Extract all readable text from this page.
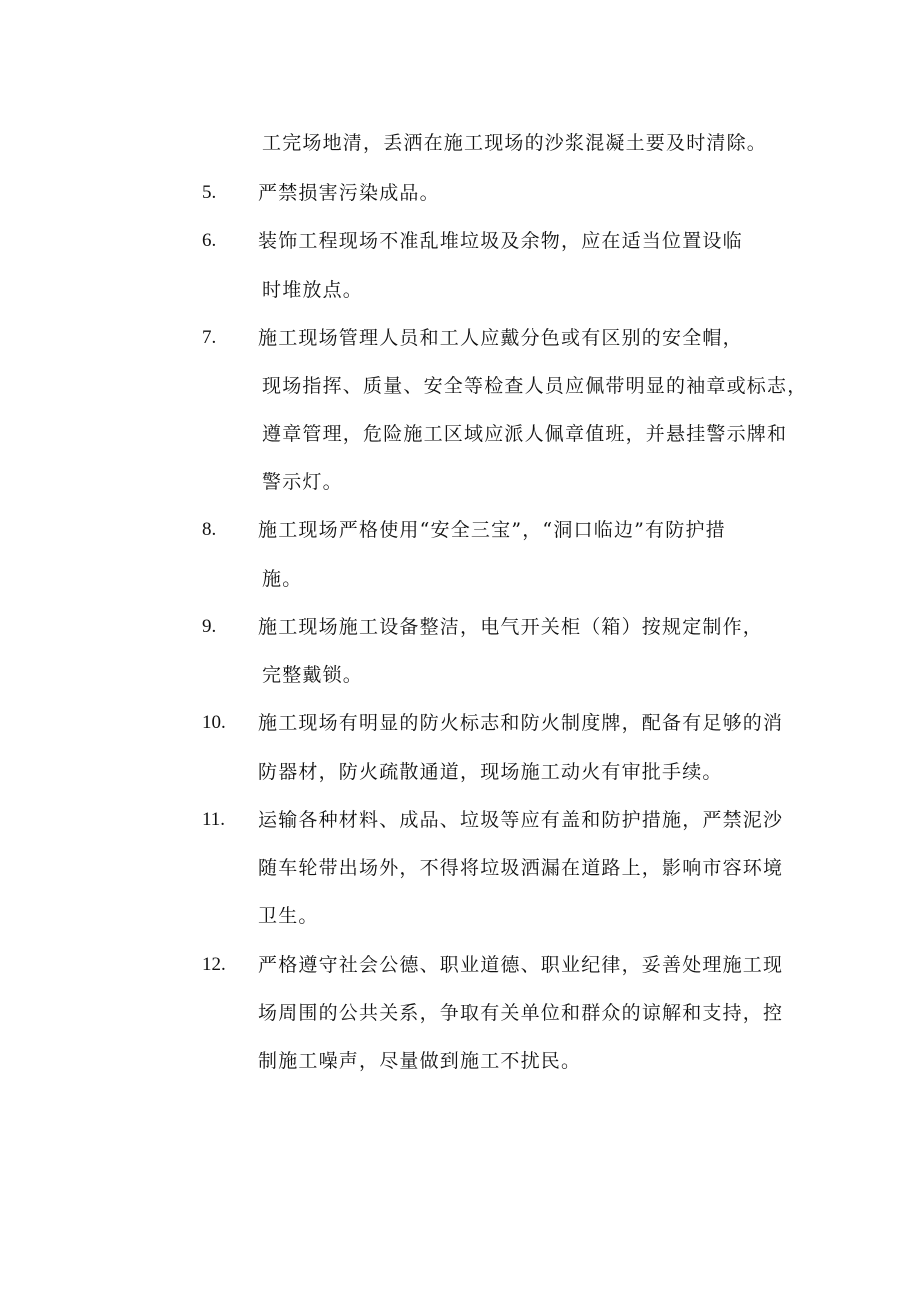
工完场地清，丢洒在施工现场的沙浆混凝土要及时清除。
5. 严禁损害污染成品。
6. 装饰工程现场不准乱堆垃圾及余物，应在适当位置设临
时堆放点。
7. 施工现场管理人员和工人应戴分色或有区别的安全帽，
现场指挥、质量、安全等检查人员应佩带明显的袖章或标志，
遵章管理，危险施工区域应派人佩章值班，并悬挂警示牌和
警示灯。
8. 施工现场严格使用“安全三宝”，“洞口临边”有防护措
施。
9. 施工现场施工设备整洁，电气开关柜（箱）按规定制作，
完整戴锁。
10. 施工现场有明显的防火标志和防火制度牌，配备有足够的消
防器材，防火疏散通道，现场施工动火有审批手续。
11. 运输各种材料、成品、垃圾等应有盖和防护措施，严禁泥沙
随车轮带出场外，不得将垃圾洒漏在道路上，影响市容环境
卫生。
12. 严格遵守社会公德、职业道德、职业纪律，妥善处理施工现
场周围的公共关系，争取有关单位和群众的谅解和支持，控
制施工噪声，尽量做到施工不扰民。
